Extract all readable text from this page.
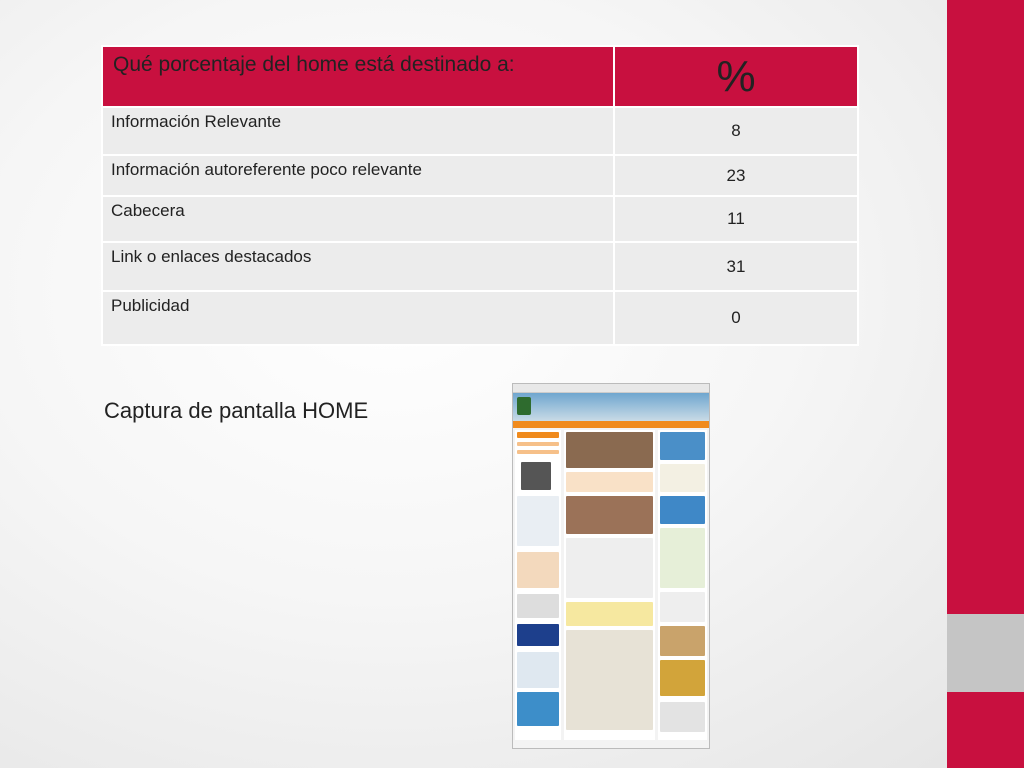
Qué porcentaje del home está destinado a:	%
Información Relevante	8
Información autoreferente poco relevante	23
Cabecera	11
Link o enlaces destacados	31
Publicidad	0
Captura de pantalla HOME
